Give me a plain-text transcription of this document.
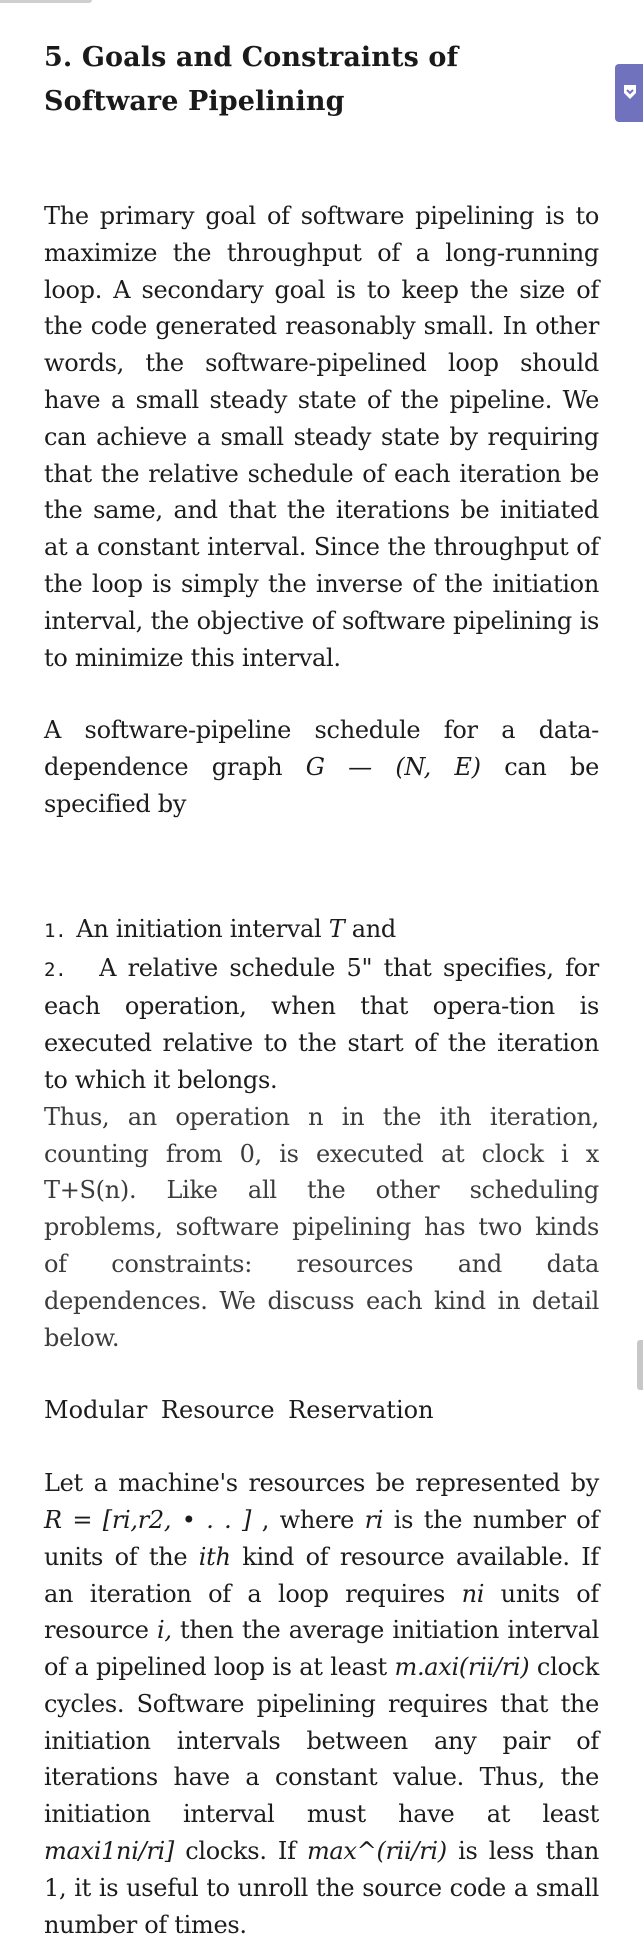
5. Goals and Constraints of Software Pipelining

The primary goal of software pipelining is to maximize the throughput of a long-running loop. A secondary goal is to keep the size of the code generated reasonably small. In other words, the software-pipelined loop should have a small steady state of the pipeline. We can achieve a small steady state by requiring that the relative schedule of each iteration be the same, and that the iterations be initiated at a constant interval. Since the throughput of the loop is simply the inverse of the initiation interval, the objective of software pipelining is to minimize this interval.

A software-pipeline schedule for a data-dependence graph G — (N, E) can be specified by

1. An initiation interval T and

2. A relative schedule 5" that specifies, for each operation, when that opera-tion is executed relative to the start of the iteration to which it belongs.

Thus, an operation n in the ith iteration, counting from 0, is executed at clock i x T+S(n). Like all the other scheduling problems, software pipelining has two kinds of constraints: resources and data dependences. We discuss each kind in detail below.

Modular Resource Reservation

Let a machine's resources be represented by R = [ri,r2, • . . ] , where ri is the number of units of the ith kind of resource available. If an iteration of a loop requires ni units of resource i, then the average initiation interval of a pipelined loop is at least m.axi(rii/ri) clock cycles. Software pipelining requires that the initiation intervals between any pair of iterations have a constant value. Thus, the initiation interval must have at least maxi1ni/ri] clocks. If max^(rii/ri) is less than 1, it is useful to unroll the source code a small number of times.
